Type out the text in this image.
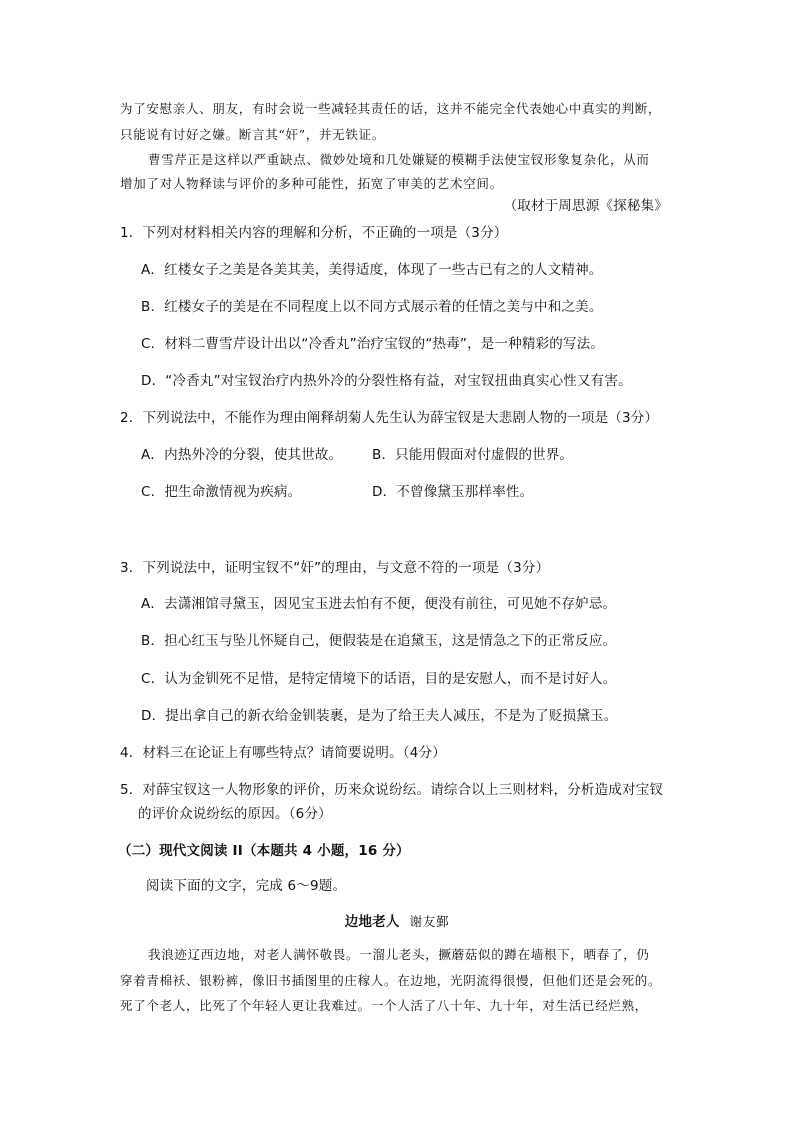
为了安慰亲人、朋友，有时会说一些减轻其责任的话，这并不能完全代表她心中真实的判断，
只能说有讨好之嫌。断言其“奸”，并无铁证。
曹雪芹正是这样以严重缺点、微妙处境和几处嫌疑的模糊手法使宝钗形象复杂化，从而
增加了对人物释读与评价的多种可能性，拓宽了审美的艺术空间。
（取材于周思源《探秘集》
1．下列对材料相关内容的理解和分析，不正确的一项是（3分）
A．红楼女子之美是各美其美，美得适度，体现了一些古已有之的人文精神。
B．红楼女子的美是在不同程度上以不同方式展示着的任情之美与中和之美。
C．材料二曹雪芹设计出以“冷香丸”治疗宝钗的“热毒”，是一种精彩的写法。
D．“冷香丸”对宝钗治疗内热外冷的分裂性格有益，对宝钗扭曲真实心性又有害。
2．下列说法中，不能作为理由阐释胡菊人先生认为薛宝钗是大悲剧人物的一项是（3分）
A．内热外冷的分裂，使其世故。 B．只能用假面对付虚假的世界。
C．把生命激情视为疾病。	D．不曾像黛玉那样率性。
3．下列说法中，证明宝钗不“奸”的理由，与文意不符的一项是（3分）
A．去潇湘馆寻黛玉，因见宝玉进去怕有不便，便没有前往，可见她不存妒忌。
B．担心红玉与坠儿怀疑自己，便假装是在追黛玉，这是情急之下的正常反应。
C．认为金钏死不足惜，是特定情境下的话语，目的是安慰人，而不是讨好人。
D．提出拿自己的新衣给金钏装裹，是为了给王夫人减压，不是为了贬损黛玉。
4．材料三在论证上有哪些特点？请简要说明。（4分）
5．对薛宝钗这一人物形象的评价，历来众说纷纭。请综合以上三则材料，分析造成对宝钗
的评价众说纷纭的原因。（6分）
（二）现代文阅读 II（本题共 4 小题，16 分）
阅读下面的文字，完成 6～9题。
边地老人 谢友鄞
我浪迹辽西边地，对老人满怀敬畏。一溜儿老头，撅蘑菇似的蹲在墙根下，晒春了，仍
穿着青棉袄、银粉裤，像旧书插图里的庄稼人。在边地，光阴流得很慢，但他们还是会死的。
死了个老人，比死了个年轻人更让我难过。一个人活了八十年、九十年，对生活已经烂熟，
